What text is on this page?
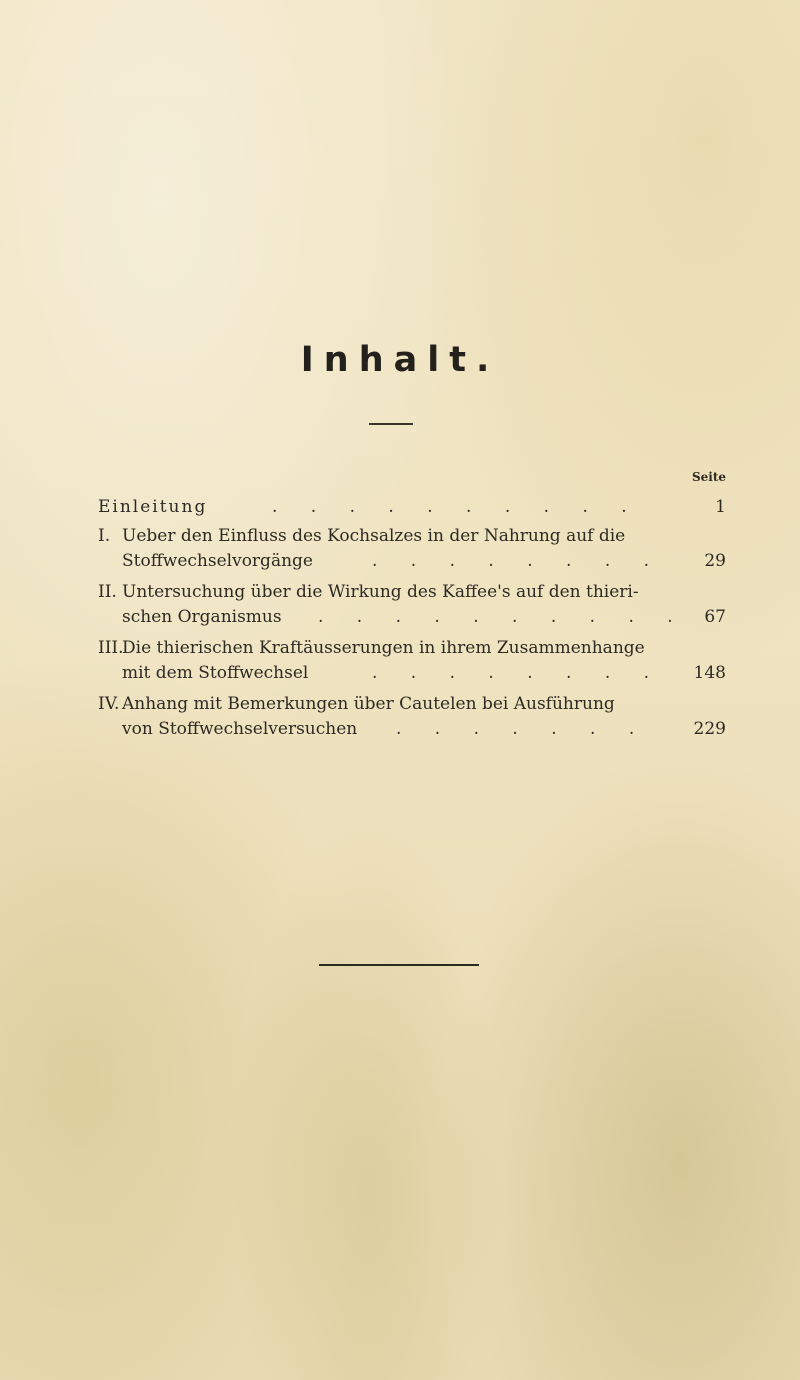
Inhalt.
Seite
Einleitung	. . . . . . . . . .	1
I. Ueber den Einfluss des Kochsalzes in der Nahrung auf die
Stoffwechselvorgänge	. . . . . . . .	29
II. Untersuchung über die Wirkung des Kaffee's auf den thieri-
schen Organismus . . . . . . . . . .	67
III.
Die thierischen Kraftäusserungen in ihrem Zusammenhange
mit dem Stoffwechsel	. . . . . . . .	148
IV. Anhang mit Bemerkungen über Cautelen bei Ausführung
von Stoffwechselversuchen . . . . . . .	229
